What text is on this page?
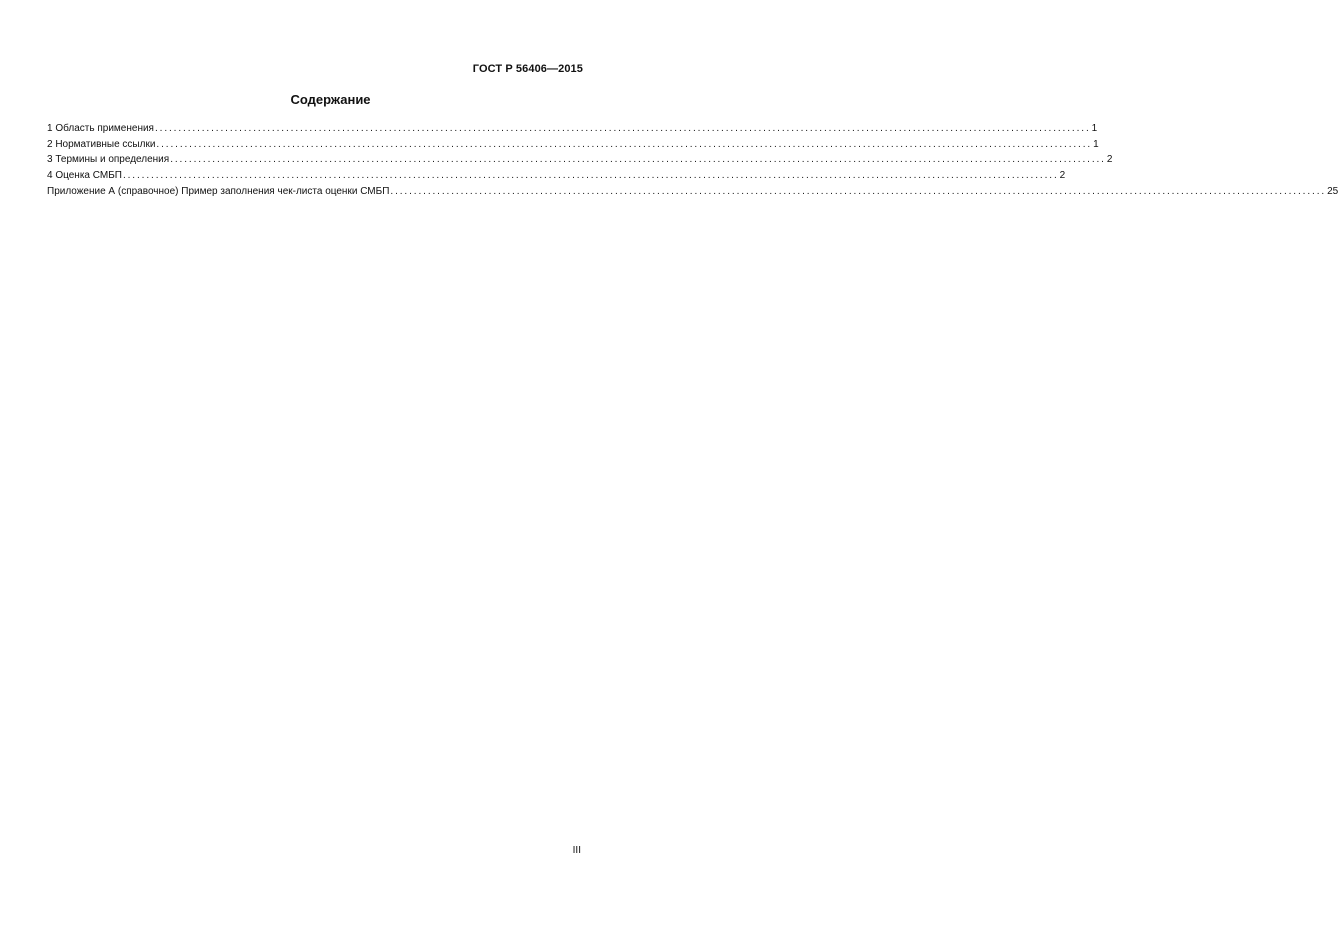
ГОСТ Р 56406—2015
Содержание
1 Область применения ........................................................................................................................................................................................................ 1
2 Нормативные ссылки ........................................................................................................................................................................................................ 1
3 Термины и определения ........................................................................................................................................................................................................ 2
4 Оценка СМБП ........................................................................................................................................................................................................ 2
Приложение А (справочное) Пример заполнения чек-листа оценки СМБП ........................................................................................................................................................................................................ 25
III
